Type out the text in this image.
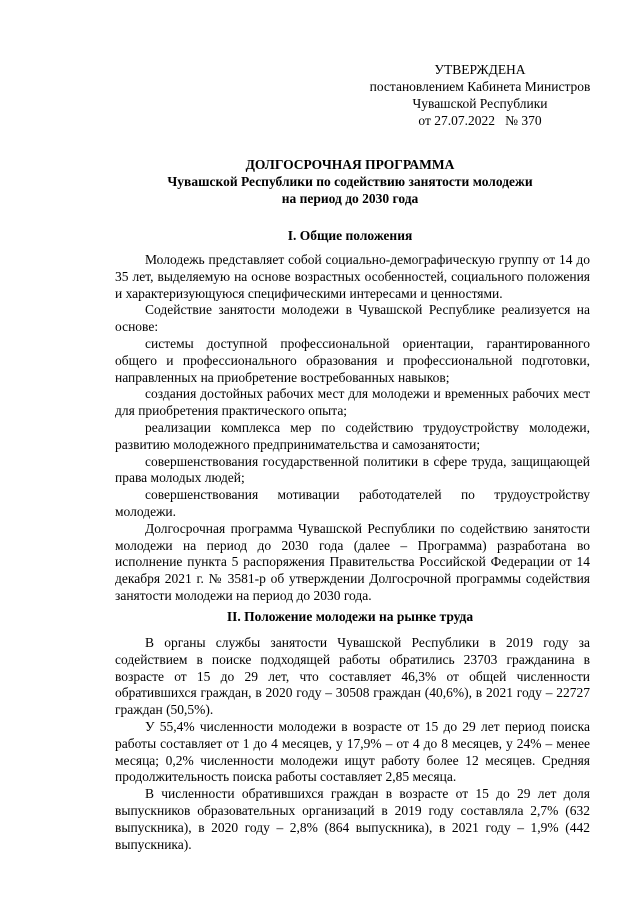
УТВЕРЖДЕНА
постановлением Кабинета Министров
Чувашской Республики
от 27.07.2022   № 370
ДОЛГОСРОЧНАЯ ПРОГРАММА
Чувашской Республики по содействию занятости молодежи
на период до 2030 года
I. Общие положения

Молодежь представляет собой социально-демографическую группу от 14 до 35 лет, выделяемую на основе возрастных особенностей, социального положения и характеризующуюся специфическими интересами и ценностями.

Содействие занятости молодежи в Чувашской Республике реализуется на основе:

системы доступной профессиональной ориентации, гарантированного общего и профессионального образования и профессиональной подготовки, направленных на приобретение востребованных навыков;

создания достойных рабочих мест для молодежи и временных рабочих мест для приобретения практического опыта;

реализации комплекса мер по содействию трудоустройству молодежи, развитию молодежного предпринимательства и самозанятости;

совершенствования государственной политики в сфере труда, защищающей права молодых людей;

совершенствования мотивации работодателей по трудоустройству молодежи.

Долгосрочная программа Чувашской Республики по содействию занятости молодежи на период до 2030 года (далее – Программа) разработана во исполнение пункта 5 распоряжения Правительства Российской Федерации от 14 декабря 2021 г. № 3581-р об утверждении Долгосрочной программы содействия занятости молодежи на период до 2030 года.

II. Положение молодежи на рынке труда

В органы службы занятости Чувашской Республики в 2019 году за содействием в поиске подходящей работы обратились 23703 гражданина в возрасте от 15 до 29 лет, что составляет 46,3% от общей численности обратившихся граждан, в 2020 году – 30508 граждан (40,6%), в 2021 году – 22727 граждан (50,5%).

У 55,4% численности молодежи в возрасте от 15 до 29 лет период поиска работы составляет от 1 до 4 месяцев, у 17,9% – от 4 до 8 месяцев, у 24% – менее месяца; 0,2% численности молодежи ищут работу более 12 месяцев. Средняя продолжительность поиска работы составляет 2,85 месяца.

В численности обратившихся граждан в возрасте от 15 до 29 лет доля выпускников образовательных организаций в 2019 году составляла 2,7% (632 выпускника), в 2020 году – 2,8% (864 выпускника), в 2021 году – 1,9% (442 выпускника).
